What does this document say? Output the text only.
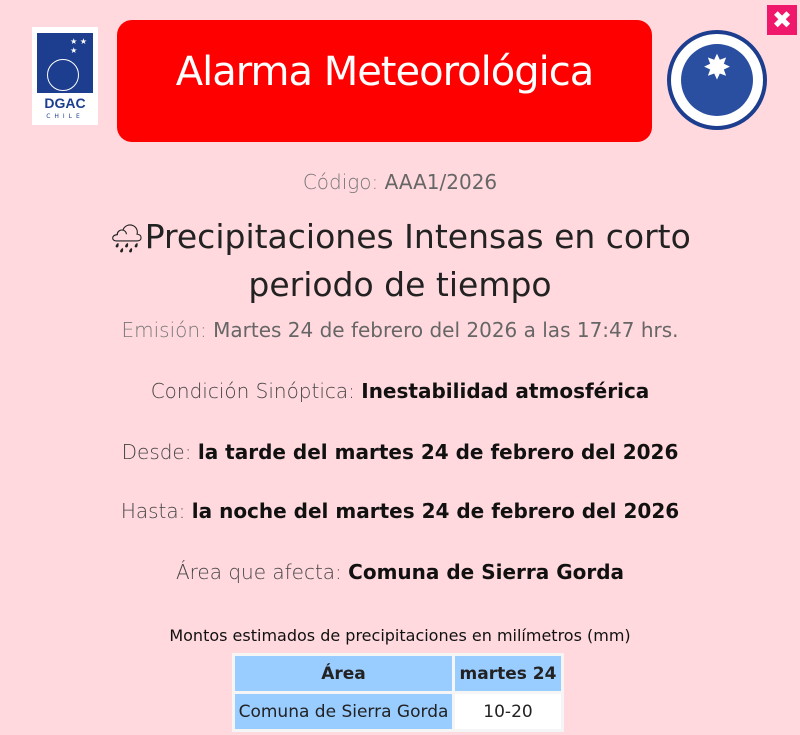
✖
★ ★
★
DGAC
CHILE
Alarma Meteorológica	✸
Código: AAA1/2026
🌧Precipitaciones Intensas en corto
periodo de tiempo
Emisión: Martes 24 de febrero del 2026 a las 17:47 hrs.
Condición Sinóptica: Inestabilidad atmosférica
Desde: la tarde del martes 24 de febrero del 2026
Hasta: la noche del martes 24 de febrero del 2026
Área que afecta: Comuna de Sierra Gorda
Montos estimados de precipitaciones en milímetros (mm)
Área	martes 24
Comuna de Sierra Gorda	10-20
